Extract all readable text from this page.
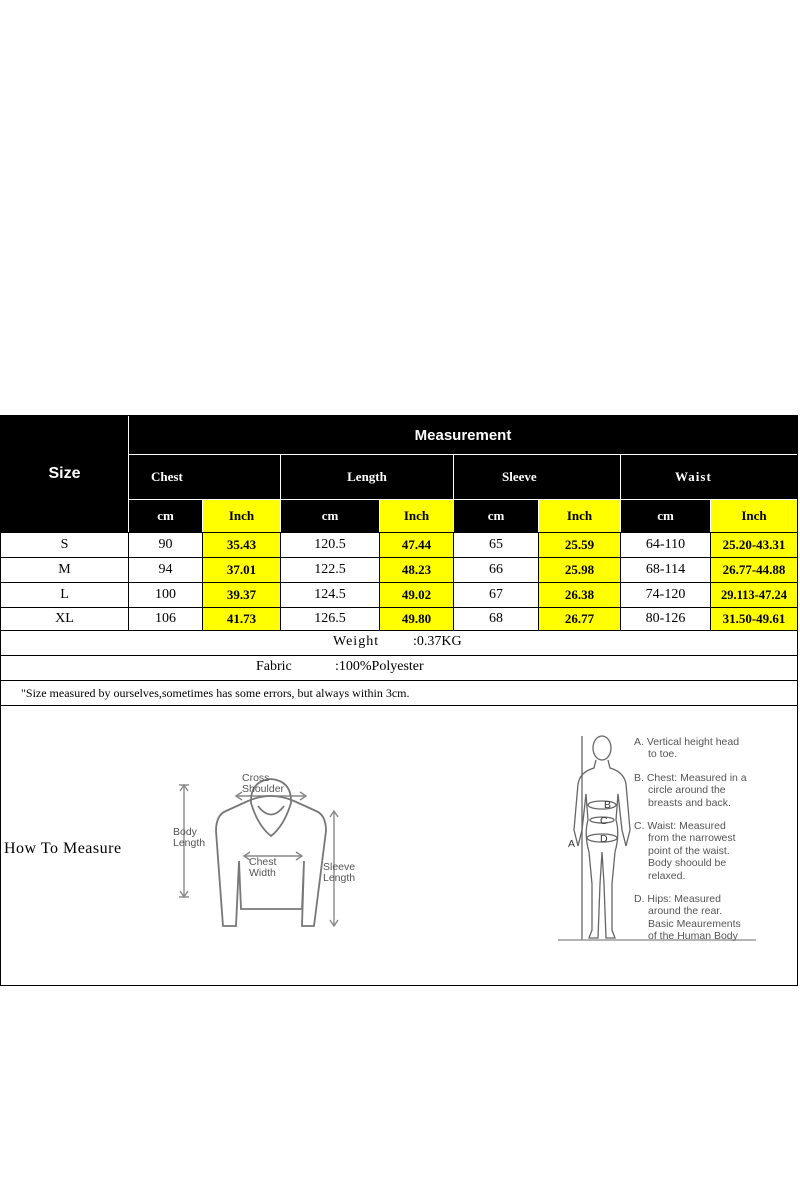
Size
Measurement
Chest	Length	Sleeve	Waist
cm	Inch	cm	Inch	cm	Inch	cm	Inch
S	90	35.43	120.5	47.44	65	25.59	64-110	25.20-43.31
M	94	37.01	122.5	48.23	66	25.98	68-114	26.77-44.88
L	100	39.37	124.5	49.02	67	26.38	74-120	29.113-47.24
XL	106	41.73	126.5	49.80	68	26.77	80-126	31.50-49.61
Weight :0.37KG
Fabric	:100%Polyester
"Size measured by ourselves,sometimes has some errors, but always within 3cm.
How To Measure
Cross
Shoulder
Body
Length
Chest
Width	Sleeve
Length
B
C
D
A
A. Vertical height head
to toe.
B. Chest: Measured in a
circle around the
breasts and back.
C. Waist: Measured
from the narrowest
point of the waist.
Body shoould be
relaxed.
D. Hips: Measured
around the rear.
Basic Meaurements
of the Human Body
